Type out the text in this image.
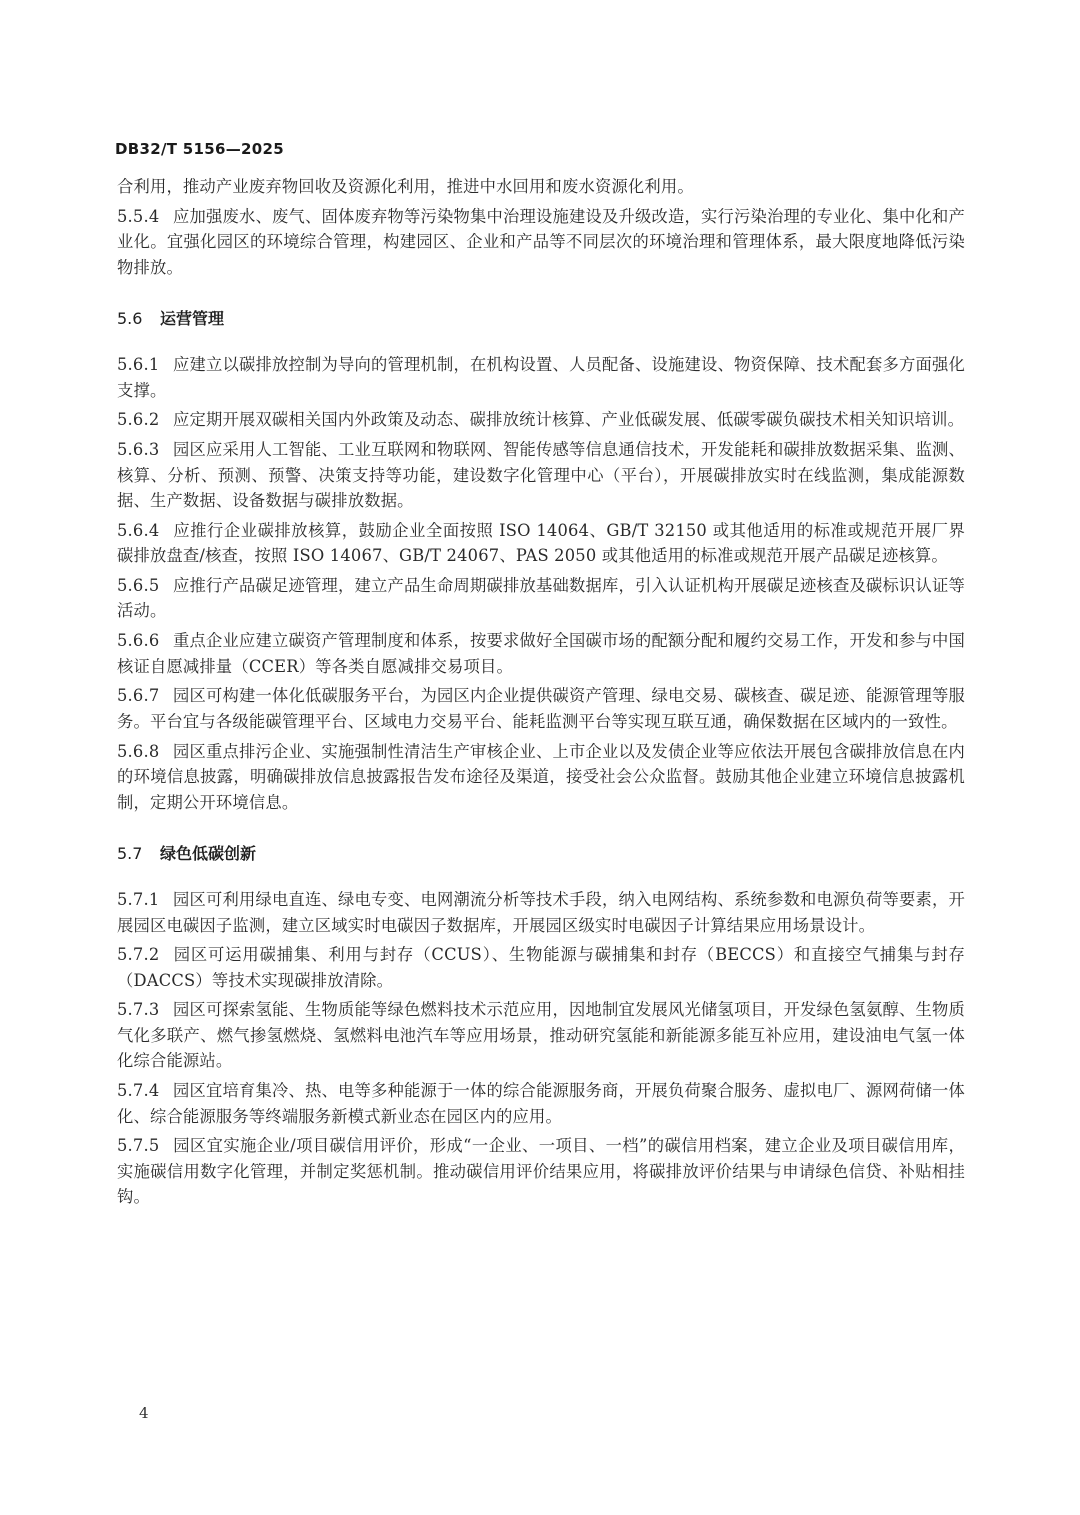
DB32/T 5156—2025
合利用，推动产业废弃物回收及资源化利用，推进中水回用和废水资源化利用。
5.5.4 应加强废水、废气、固体废弃物等污染物集中治理设施建设及升级改造，实行污染治理的专业化、集中化和产业化。宜强化园区的环境综合管理，构建园区、企业和产品等不同层次的环境治理和管理体系，最大限度地降低污染物排放。
5.6 运营管理
5.6.1 应建立以碳排放控制为导向的管理机制，在机构设置、人员配备、设施建设、物资保障、技术配套多方面强化支撑。
5.6.2 应定期开展双碳相关国内外政策及动态、碳排放统计核算、产业低碳发展、低碳零碳负碳技术相关知识培训。
5.6.3 园区应采用人工智能、工业互联网和物联网、智能传感等信息通信技术，开发能耗和碳排放数据采集、监测、核算、分析、预测、预警、决策支持等功能，建设数字化管理中心（平台），开展碳排放实时在线监测，集成能源数据、生产数据、设备数据与碳排放数据。
5.6.4 应推行企业碳排放核算，鼓励企业全面按照 ISO 14064、GB/T 32150 或其他适用的标准或规范开展厂界碳排放盘查/核查，按照 ISO 14067、GB/T 24067、PAS 2050 或其他适用的标准或规范开展产品碳足迹核算。
5.6.5 应推行产品碳足迹管理，建立产品生命周期碳排放基础数据库，引入认证机构开展碳足迹核查及碳标识认证等活动。
5.6.6 重点企业应建立碳资产管理制度和体系，按要求做好全国碳市场的配额分配和履约交易工作，开发和参与中国核证自愿减排量（CCER）等各类自愿减排交易项目。
5.6.7 园区可构建一体化低碳服务平台，为园区内企业提供碳资产管理、绿电交易、碳核查、碳足迹、能源管理等服务。平台宜与各级能碳管理平台、区域电力交易平台、能耗监测平台等实现互联互通，确保数据在区域内的一致性。
5.6.8 园区重点排污企业、实施强制性清洁生产审核企业、上市企业以及发债企业等应依法开展包含碳排放信息在内的环境信息披露，明确碳排放信息披露报告发布途径及渠道，接受社会公众监督。鼓励其他企业建立环境信息披露机制，定期公开环境信息。
5.7 绿色低碳创新
5.7.1 园区可利用绿电直连、绿电专变、电网潮流分析等技术手段，纳入电网结构、系统参数和电源负荷等要素，开展园区电碳因子监测，建立区域实时电碳因子数据库，开展园区级实时电碳因子计算结果应用场景设计。
5.7.2 园区可运用碳捕集、利用与封存（CCUS）、生物能源与碳捕集和封存（BECCS）和直接空气捕集与封存（DACCS）等技术实现碳排放清除。
5.7.3 园区可探索氢能、生物质能等绿色燃料技术示范应用，因地制宜发展风光储氢项目，开发绿色氢氨醇、生物质气化多联产、燃气掺氢燃烧、氢燃料电池汽车等应用场景，推动研究氢能和新能源多能互补应用，建设油电气氢一体化综合能源站。
5.7.4 园区宜培育集冷、热、电等多种能源于一体的综合能源服务商，开展负荷聚合服务、虚拟电厂、源网荷储一体化、综合能源服务等终端服务新模式新业态在园区内的应用。
5.7.5 园区宜实施企业/项目碳信用评价，形成“一企业、一项目、一档”的碳信用档案，建立企业及项目碳信用库，实施碳信用数字化管理，并制定奖惩机制。推动碳信用评价结果应用，将碳排放评价结果与申请绿色信贷、补贴相挂钩。
4
